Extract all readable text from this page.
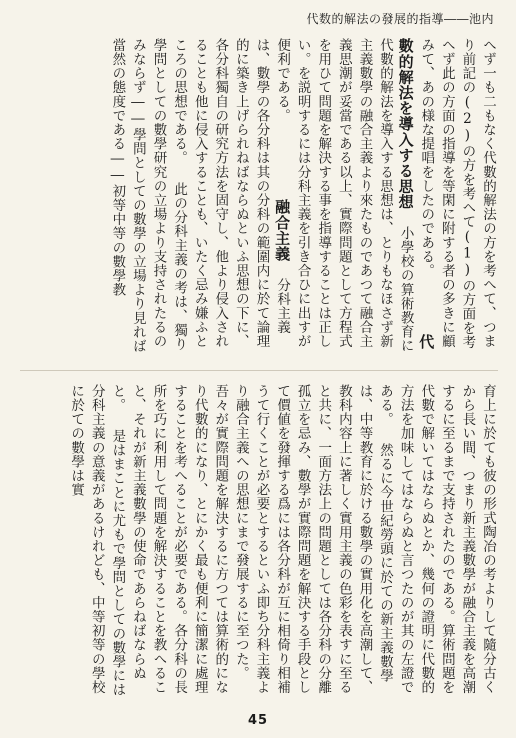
代数的解法の發展的指導――池内

へず一も二もなく代數的解法の方を考へて、つまり前記の(2)の方を考へて(1)の方面を考へず此の方面の指導を等閑に附する者の多きに顧みて、あの様な提唱をしたのである。

代數的解法を導入する思想

小學校の算術教育に代數的解法を導入する思想は、とりもなほさず新主義數學の融合主義より來たものであつて融合主義思潮が妥當である以上、實際問題として方程式を用ひて問題を解決する事を指導することは正しい。を説明するには分科主義を引き合ひに出すが便利である。

融合主義

分科主義は、數學の各分科は其の分科の範圍内に於て論理的に築き上げられねばならぬといふ思想の下に、各分科獨自の研究方法を固守し、他より侵入されることも他に侵入することも、いたく忌み嫌ふところの思想である。

此の分科主義の考は、獨り學問としての數學研究の立場より支持されたるのみならず――學問としての數學の立場より見れば當然の態度である――初等中等の數學教

育上に於ても彼の形式陶冶の考よりして隨分古くから長い間、つまり新主義數學が融合主義を高潮するに至るまで支持されたのである。算術問題を代數で解いてはならぬとか、幾何の證明に代數的方法を加味してはならぬと言つたのが其の左證である。

然るに今世紀勞頭に於ての新主義數學は、中等教育に於ける數學の實用化を高潮して、教科内容上に著しく實用主義の色彩を表すに至ると共に、一面方法上の問題としては各分科の分離孤立を忌み、數學が實際問題を解決する手段として價値を發揮する爲には各分科が互に相倚り相補うて行くことが必要とするといふ即ち分科主義より融合主義への思想にまで發展するに至つた。

吾々が實際問題を解決するに方つては算術的になり代數的になり、とにかく最も便利に簡潔に處理することを考へることが必要である。各分科の長所を巧に利用して問題を解決することを教へること、それが新主義數學の使命であらねばならぬと。

是はまことに尤もで學問としての數學には分科主義の意義があるけれども、中等初等の學校に於ての數學は實

45
